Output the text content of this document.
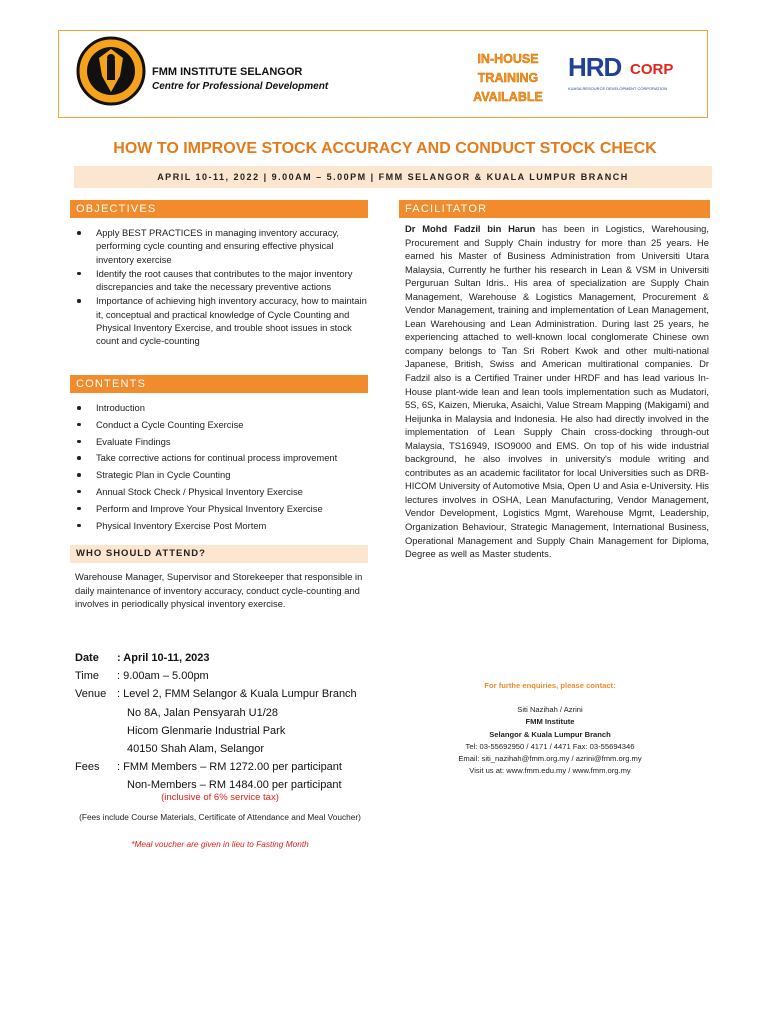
FMM INSTITUTE SELANGOR
Centre for Professional Development
IN-HOUSE
TRAINING
AVAILABLE
HRD CORP
KUASA RESOURCE DEVELOPMENT CORPORATION
HOW TO IMPROVE STOCK ACCURACY AND CONDUCT STOCK CHECK
APRIL 10-11, 2022 | 9.00AM – 5.00PM | FMM SELANGOR & KUALA LUMPUR BRANCH
OBJECTIVES
Apply BEST PRACTICES in managing inventory accuracy, performing cycle counting and ensuring effective physical inventory exercise
Identify the root causes that contributes to the major inventory discrepancies and take the necessary preventive actions
Importance of achieving high inventory accuracy, how to maintain it, conceptual and practical knowledge of Cycle Counting and Physical Inventory Exercise, and trouble shoot issues in stock count and cycle-counting
CONTENTS
Introduction
Conduct a Cycle Counting Exercise
Evaluate Findings
Take corrective actions for continual process improvement
Strategic Plan in Cycle Counting
Annual Stock Check / Physical Inventory Exercise
Perform and Improve Your Physical Inventory Exercise
Physical Inventory Exercise Post Mortem
WHO SHOULD ATTEND?
Warehouse Manager, Supervisor and Storekeeper that responsible in daily maintenance of inventory accuracy, conduct cycle-counting and involves in periodically physical inventory exercise.
FACILITATOR
Dr Mohd Fadzil bin Harun has been in Logistics, Warehousing, Procurement and Supply Chain industry for more than 25 years. He earned his Master of Business Administration from Universiti Utara Malaysia, Currently he further his research in Lean & VSM in Universiti Perguruan Sultan Idris.. His area of specialization are Supply Chain Management, Warehouse & Logistics Management, Procurement & Vendor Management, training and implementation of Lean Management, Lean Warehousing and Lean Administration. During last 25 years, he experiencing attached to well-known local conglomerate Chinese own company belongs to Tan Sri Robert Kwok and other multi-national Japanese, British, Swiss and American multirational companies. Dr Fadzil also is a Certified Trainer under HRDF and has lead various In-House plant-wide lean and lean tools implementation such as Mudatori, 5S, 6S, Kaizen, Mieruka, Asaichi, Value Stream Mapping (Makigami) and Heijunka in Malaysia and Indonesia. He also had directly involved in the implementation of Lean Supply Chain cross-docking through-out Malaysia, TS16949, ISO9000 and EMS. On top of his wide industrial background, he also involves in university's module writing and contributes as an academic facilitator for local Universities such as DRB-HICOM University of Automotive Msia, Open U and Asia e-University. His lectures involves in OSHA, Lean Manufacturing, Vendor Management, Vendor Development, Logistics Mgmt, Warehouse Mgmt, Leadership, Organization Behaviour, Strategic Management, International Business, Operational Management and Supply Chain Management for Diploma, Degree as well as Master students.
Date : April 10-11, 2023
Time : 9.00am – 5.00pm
Venue : Level 2, FMM Selangor & Kuala Lumpur Branch
No 8A, Jalan Pensyarah U1/28
Hicom Glenmarie Industrial Park
40150 Shah Alam, Selangor
Fees : FMM Members – RM 1272.00 per participant
Non-Members – RM 1484.00 per participant
(inclusive of 6% service tax)
(Fees include Course Materials, Certificate of Attendance and Meal Voucher)
*Meal voucher are given in lieu to Fasting Month
For furthe enquiries, please contact:
Siti Nazihah / Azrini
FMM Institute
Selangor & Kuala Lumpur Branch
Tel: 03-55692950 / 4171 / 4471 Fax: 03-55694346
Email: siti_nazihah@fmm.org.my / azrini@fmm.org.my
Visit us at: www.fmm.edu.my / www.fmm.org.my
